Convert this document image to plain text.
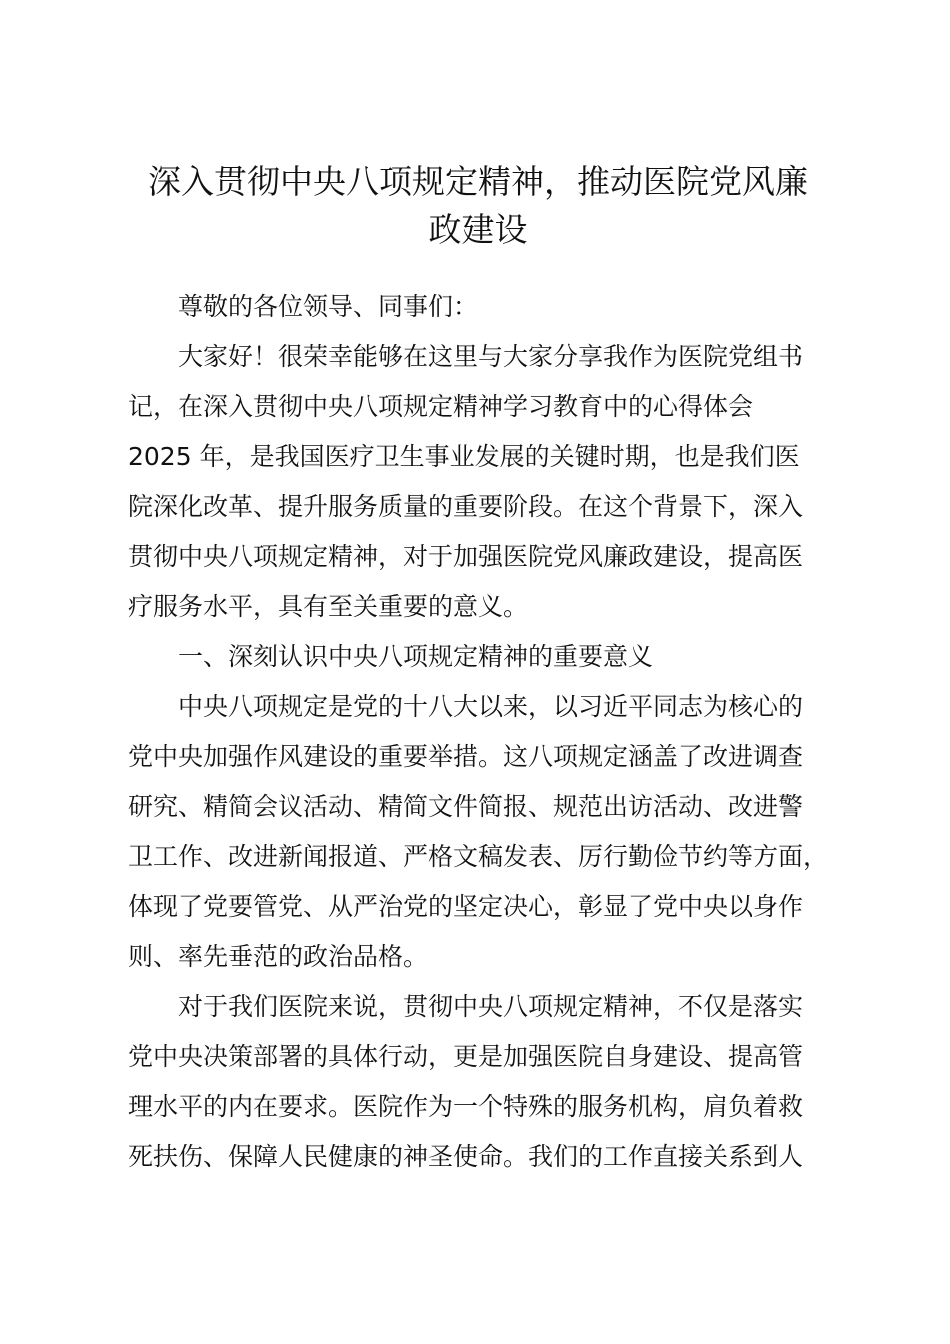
深入贯彻中央八项规定精神，推动医院党风廉
政建设
尊敬的各位领导、同事们：
大家好！很荣幸能够在这里与大家分享我作为医院党组书
记，在深入贯彻中央八项规定精神学习教育中的心得体会
2025 年，是我国医疗卫生事业发展的关键时期，也是我们医
院深化改革、提升服务质量的重要阶段。在这个背景下，深入
贯彻中央八项规定精神，对于加强医院党风廉政建设，提高医
疗服务水平，具有至关重要的意义。
一、深刻认识中央八项规定精神的重要意义
中央八项规定是党的十八大以来，以习近平同志为核心的
党中央加强作风建设的重要举措。这八项规定涵盖了改进调查
研究、精简会议活动、精简文件简报、规范出访活动、改进警
卫工作、改进新闻报道、严格文稿发表、厉行勤俭节约等方面，
体现了党要管党、从严治党的坚定决心，彰显了党中央以身作
则、率先垂范的政治品格。
对于我们医院来说，贯彻中央八项规定精神，不仅是落实
党中央决策部署的具体行动，更是加强医院自身建设、提高管
理水平的内在要求。医院作为一个特殊的服务机构，肩负着救
死扶伤、保障人民健康的神圣使命。我们的工作直接关系到人
